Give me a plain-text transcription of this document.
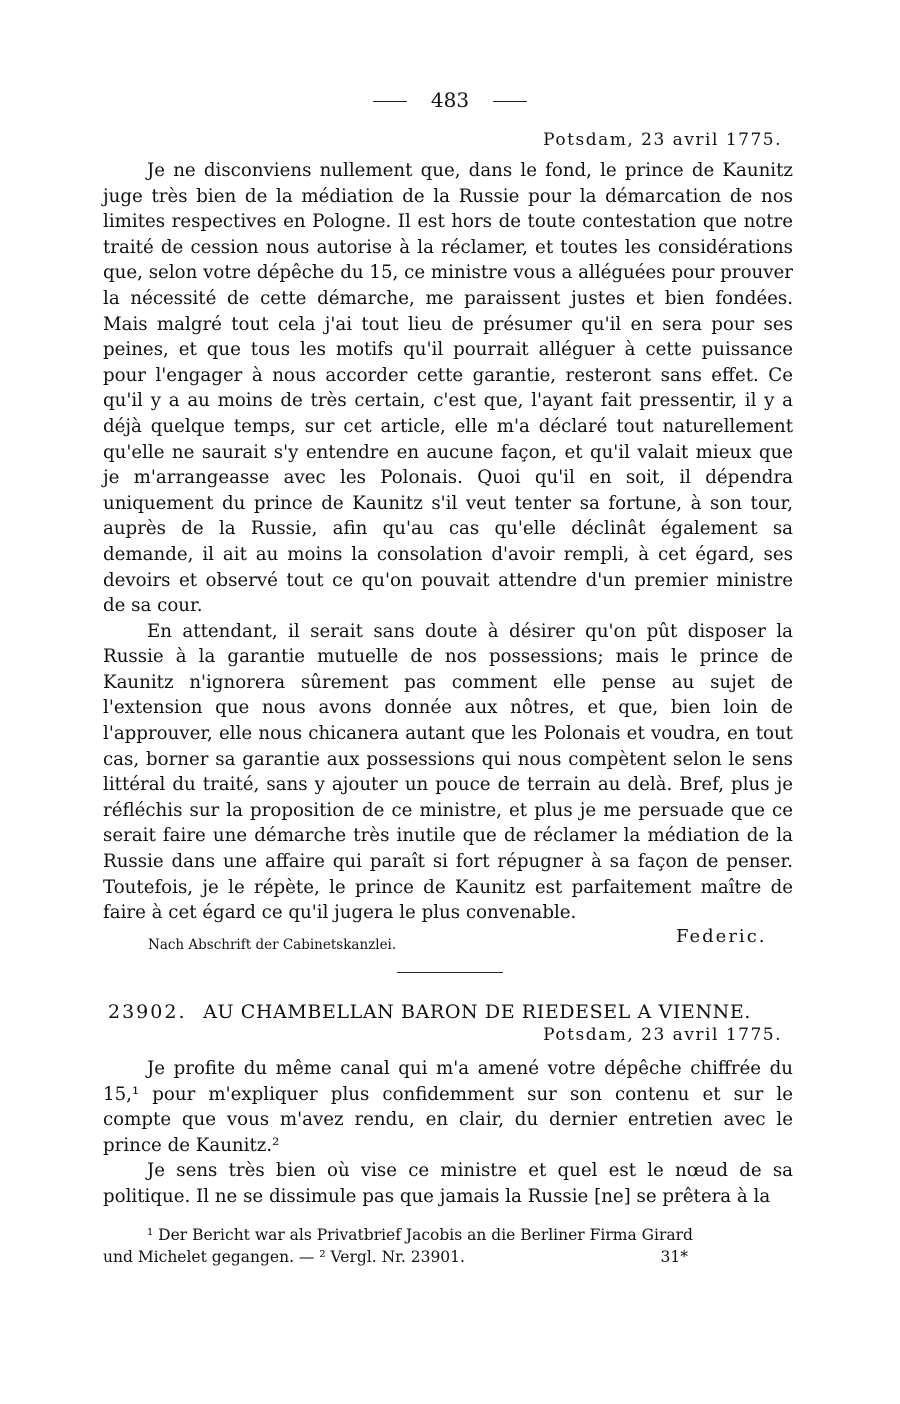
483
Potsdam, 23 avril 1775.

Je ne disconviens nullement que, dans le fond, le prince de Kaunitz juge très bien de la médiation de la Russie pour la démarcation de nos limites respectives en Pologne. Il est hors de toute contestation que notre traité de cession nous autorise à la réclamer, et toutes les considérations que, selon votre dépêche du 15, ce ministre vous a alléguées pour prouver la nécessité de cette démarche, me paraissent justes et bien fondées. Mais malgré tout cela j'ai tout lieu de présumer qu'il en sera pour ses peines, et que tous les motifs qu'il pourrait alléguer à cette puissance pour l'engager à nous accorder cette garantie, resteront sans effet. Ce qu'il y a au moins de très certain, c'est que, l'ayant fait pressentir, il y a déjà quelque temps, sur cet article, elle m'a déclaré tout naturellement qu'elle ne saurait s'y entendre en aucune façon, et qu'il valait mieux que je m'arrangeasse avec les Polonais. Quoi qu'il en soit, il dépendra uniquement du prince de Kaunitz s'il veut tenter sa fortune, à son tour, auprès de la Russie, afin qu'au cas qu'elle déclinât également sa demande, il ait au moins la consolation d'avoir rempli, à cet égard, ses devoirs et observé tout ce qu'on pouvait attendre d'un premier ministre de sa cour.

En attendant, il serait sans doute à désirer qu'on pût disposer la Russie à la garantie mutuelle de nos possessions; mais le prince de Kaunitz n'ignorera sûrement pas comment elle pense au sujet de l'extension que nous avons donnée aux nôtres, et que, bien loin de l'approuver, elle nous chicanera autant que les Polonais et voudra, en tout cas, borner sa garantie aux possessions qui nous compètent selon le sens littéral du traité, sans y ajouter un pouce de terrain au delà. Bref, plus je réfléchis sur la proposition de ce ministre, et plus je me persuade que ce serait faire une démarche très inutile que de réclamer la médiation de la Russie dans une affaire qui paraît si fort répugner à sa façon de penser. Toutefois, je le répète, le prince de Kaunitz est parfaitement maître de faire à cet égard ce qu'il jugera le plus convenable.

Nach Abschrift der Cabinetskanzlei.	Federic.
23902. AU CHAMBELLAN BARON DE RIEDESEL A VIENNE.
Potsdam, 23 avril 1775.

Je profite du même canal qui m'a amené votre dépêche chiffrée du 15,¹ pour m'expliquer plus confidemment sur son contenu et sur le compte que vous m'avez rendu, en clair, du dernier entretien avec le prince de Kaunitz.²

Je sens très bien où vise ce ministre et quel est le nœud de sa politique. Il ne se dissimule pas que jamais la Russie [ne] se prêtera à la

¹ Der Bericht war als Privatbrief Jacobis an die Berliner Firma Girard
und Michelet gegangen. — ² Vergl. Nr. 23901.	31*
